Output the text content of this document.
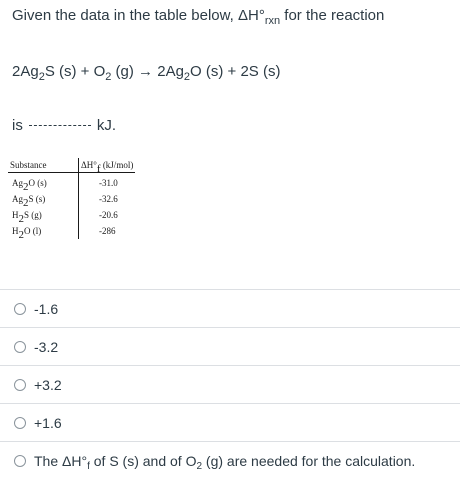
Given the data in the table below, $\Delta H^\circ_{rxn}$ for the reaction
$2Ag_2S$ $(s) + O_2$ $(g) \to 2Ag_2O$ (s) + 2S (s)
is	kJ.
Substance	$\Delta H^\circ_f$ (kJ/mol)
$Ag_2O$ (s)	-31.0
$Ag_2S$ (s)	-32.6
$H_2S$ (g)	-20.6
$H_2O$ (l)	-286
-1.6
-3.2
+3.2
+1.6
The $\Delta H^\circ_f$ of S (s) and of $O_2$ (g) are needed for the calculation.
